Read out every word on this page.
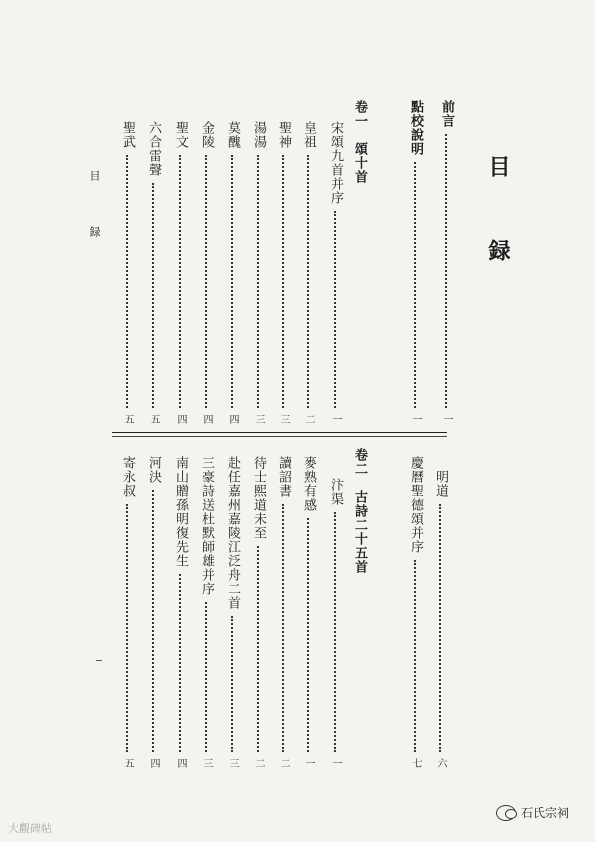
目 録
目 録
前言
一
點校說明
一
卷一　頌十首
宋頌九首并序
一
皇祖
二
聖神
三
湯湯
三
莫醜
四
金陵
四
聖文
四
六合雷聲
五
聖武
五
明道
六
慶曆聖德頌并序
七
卷二　古詩二十五首
汴渠
一
麥熟有感
一
讀詔書
二
待士熙道未至
二
赴任嘉州嘉陵江泛舟二首
三
三豪詩送杜默師雄并序
三
南山贈孫明復先生
四
河決
四
寄永叔
五
大觀碑帖
石氏宗祠
